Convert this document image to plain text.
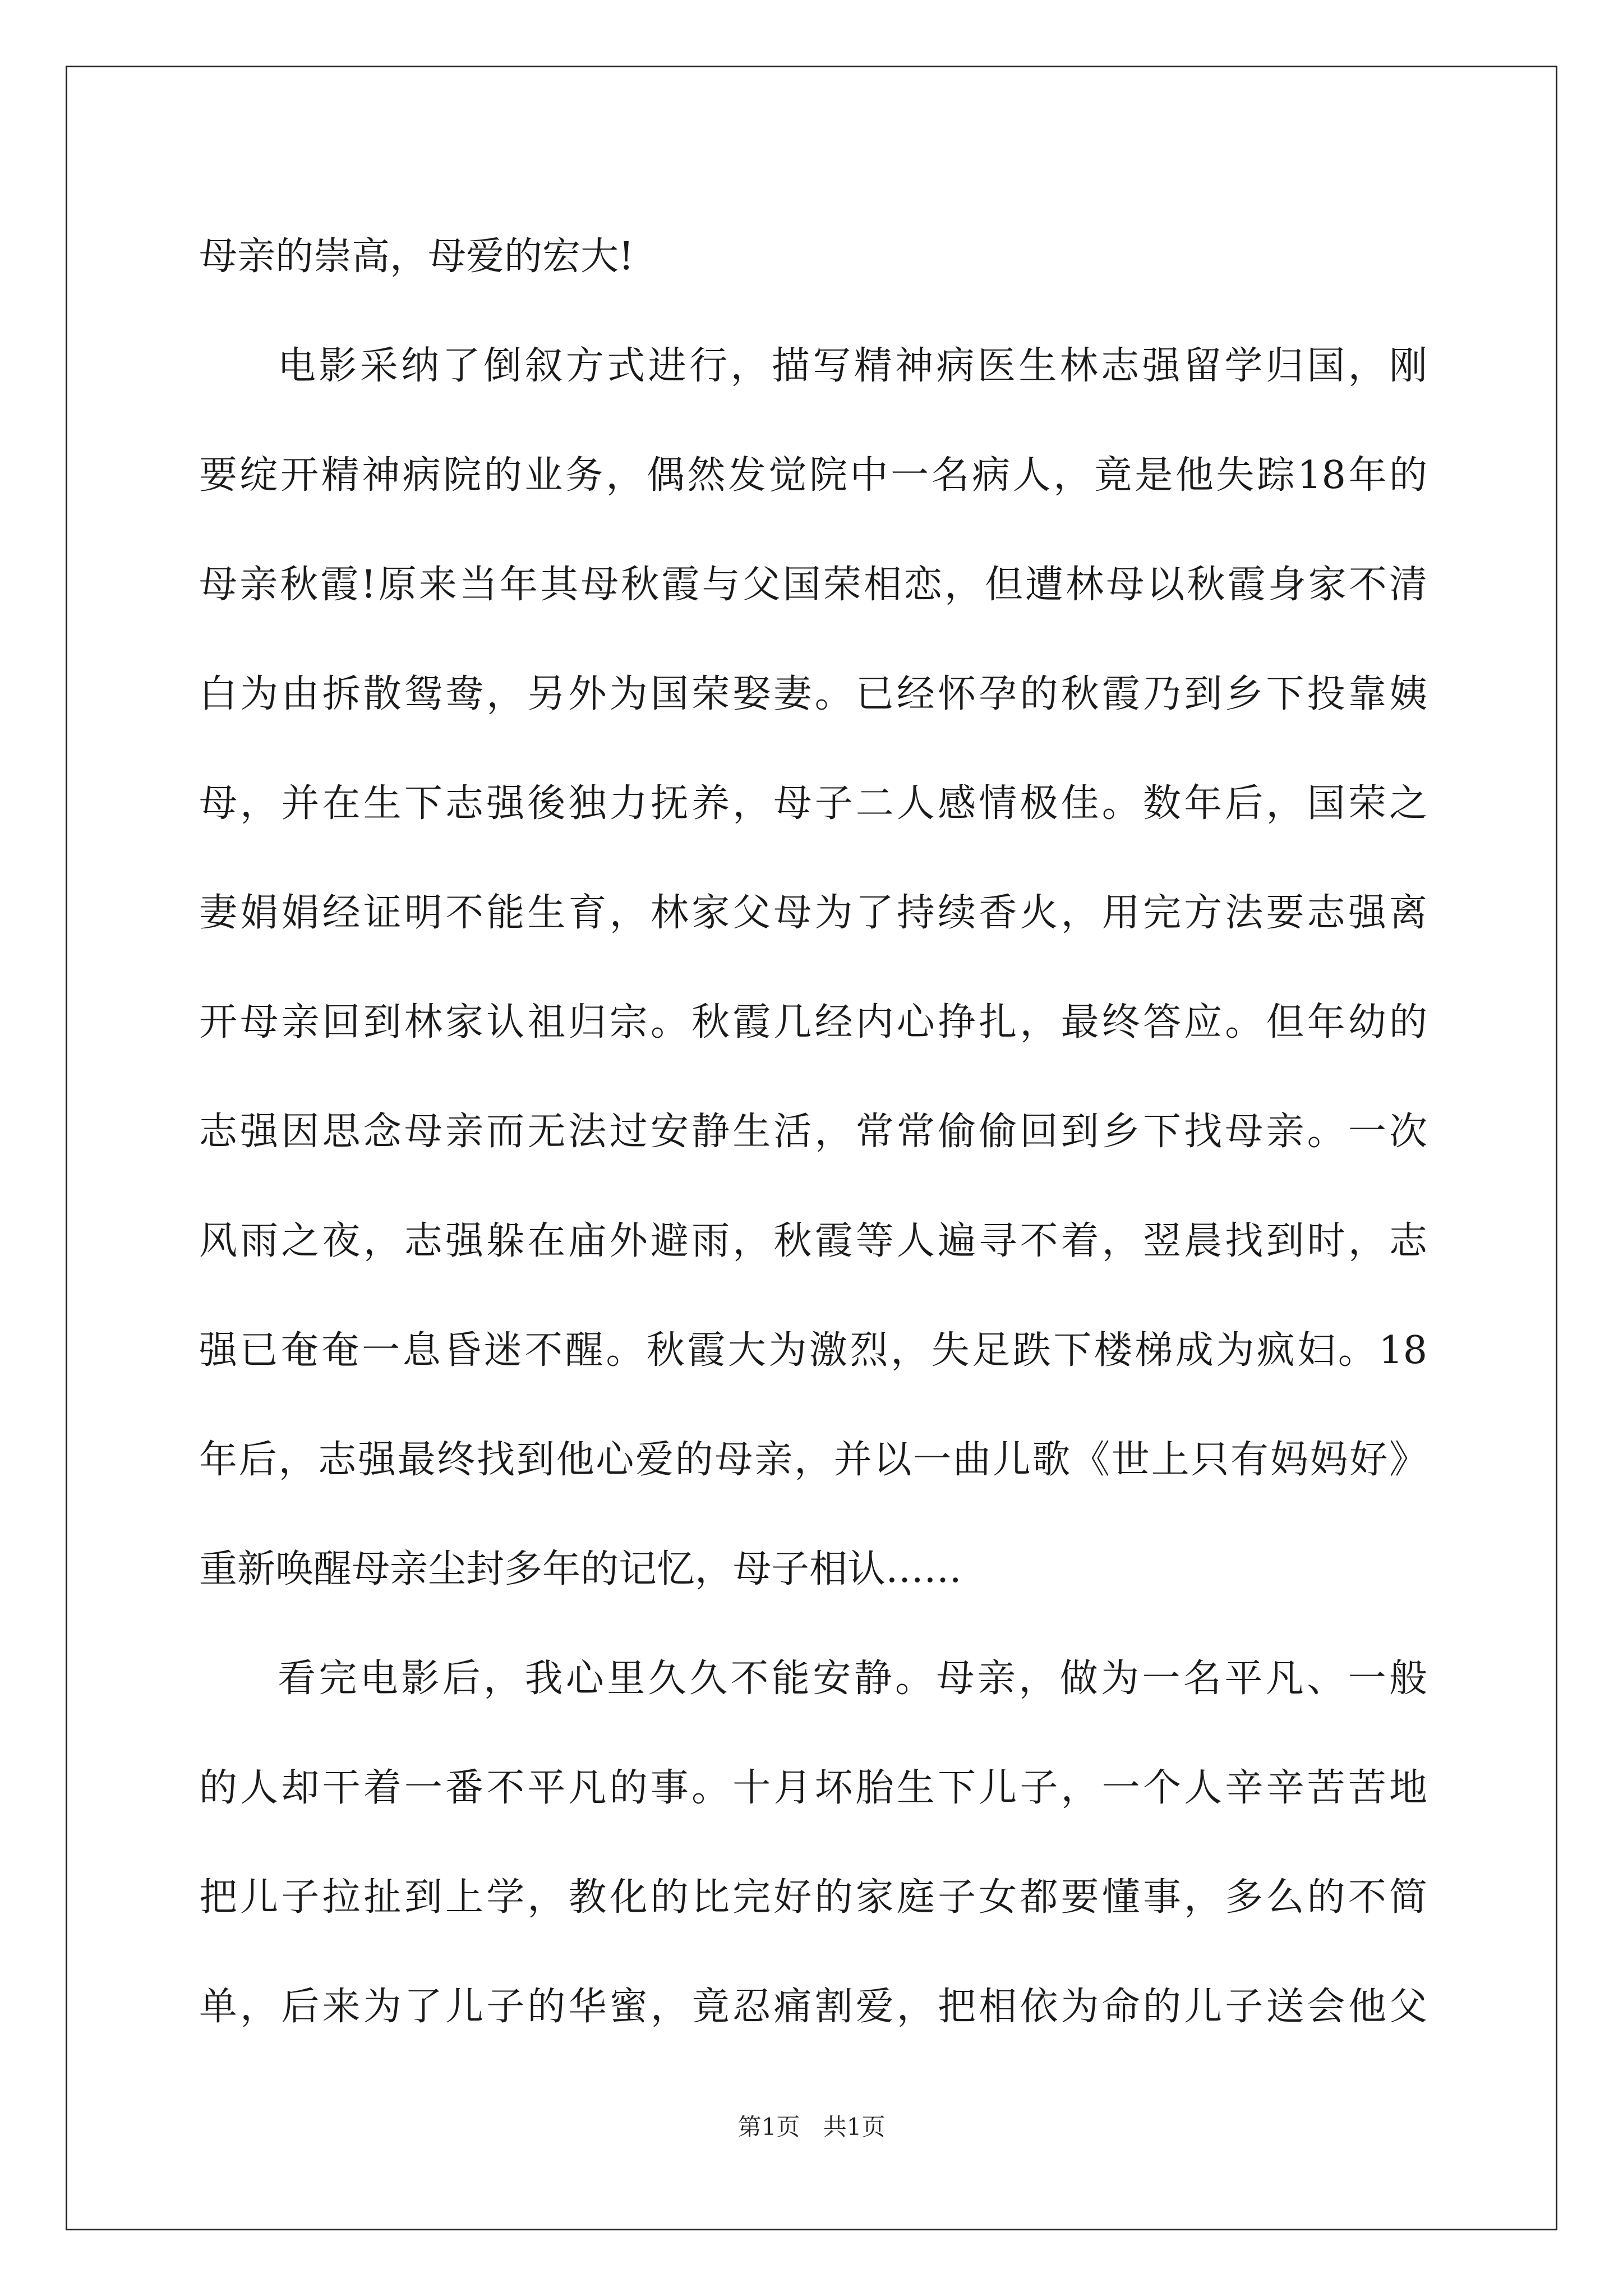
母亲的崇高，母爱的宏大!
电影采纳了倒叙方式进行，描写精神病医生林志强留学归国，刚
要绽开精神病院的业务，偶然发觉院中一名病人，竟是他失踪18年的
母亲秋霞!原来当年其母秋霞与父国荣相恋，但遭林母以秋霞身家不清
白为由拆散鸳鸯，另外为国荣娶妻。已经怀孕的秋霞乃到乡下投靠姨
母，并在生下志强後独力抚养，母子二人感情极佳。数年后，国荣之
妻娟娟经证明不能生育，林家父母为了持续香火，用完方法要志强离
开母亲回到林家认祖归宗。秋霞几经内心挣扎，最终答应。但年幼的
志强因思念母亲而无法过安静生活，常常偷偷回到乡下找母亲。一次
风雨之夜，志强躲在庙外避雨，秋霞等人遍寻不着，翌晨找到时，志
强已奄奄一息昏迷不醒。秋霞大为激烈，失足跌下楼梯成为疯妇。18
年后，志强最终找到他心爱的母亲，并以一曲儿歌《世上只有妈妈好》
重新唤醒母亲尘封多年的记忆，母子相认……
看完电影后，我心里久久不能安静。母亲，做为一名平凡、一般
的人却干着一番不平凡的事。十月坏胎生下儿子，一个人辛辛苦苦地
把儿子拉扯到上学，教化的比完好的家庭子女都要懂事，多么的不简
单，后来为了儿子的华蜜，竟忍痛割爱，把相依为命的儿子送会他父
第1页 共1页
